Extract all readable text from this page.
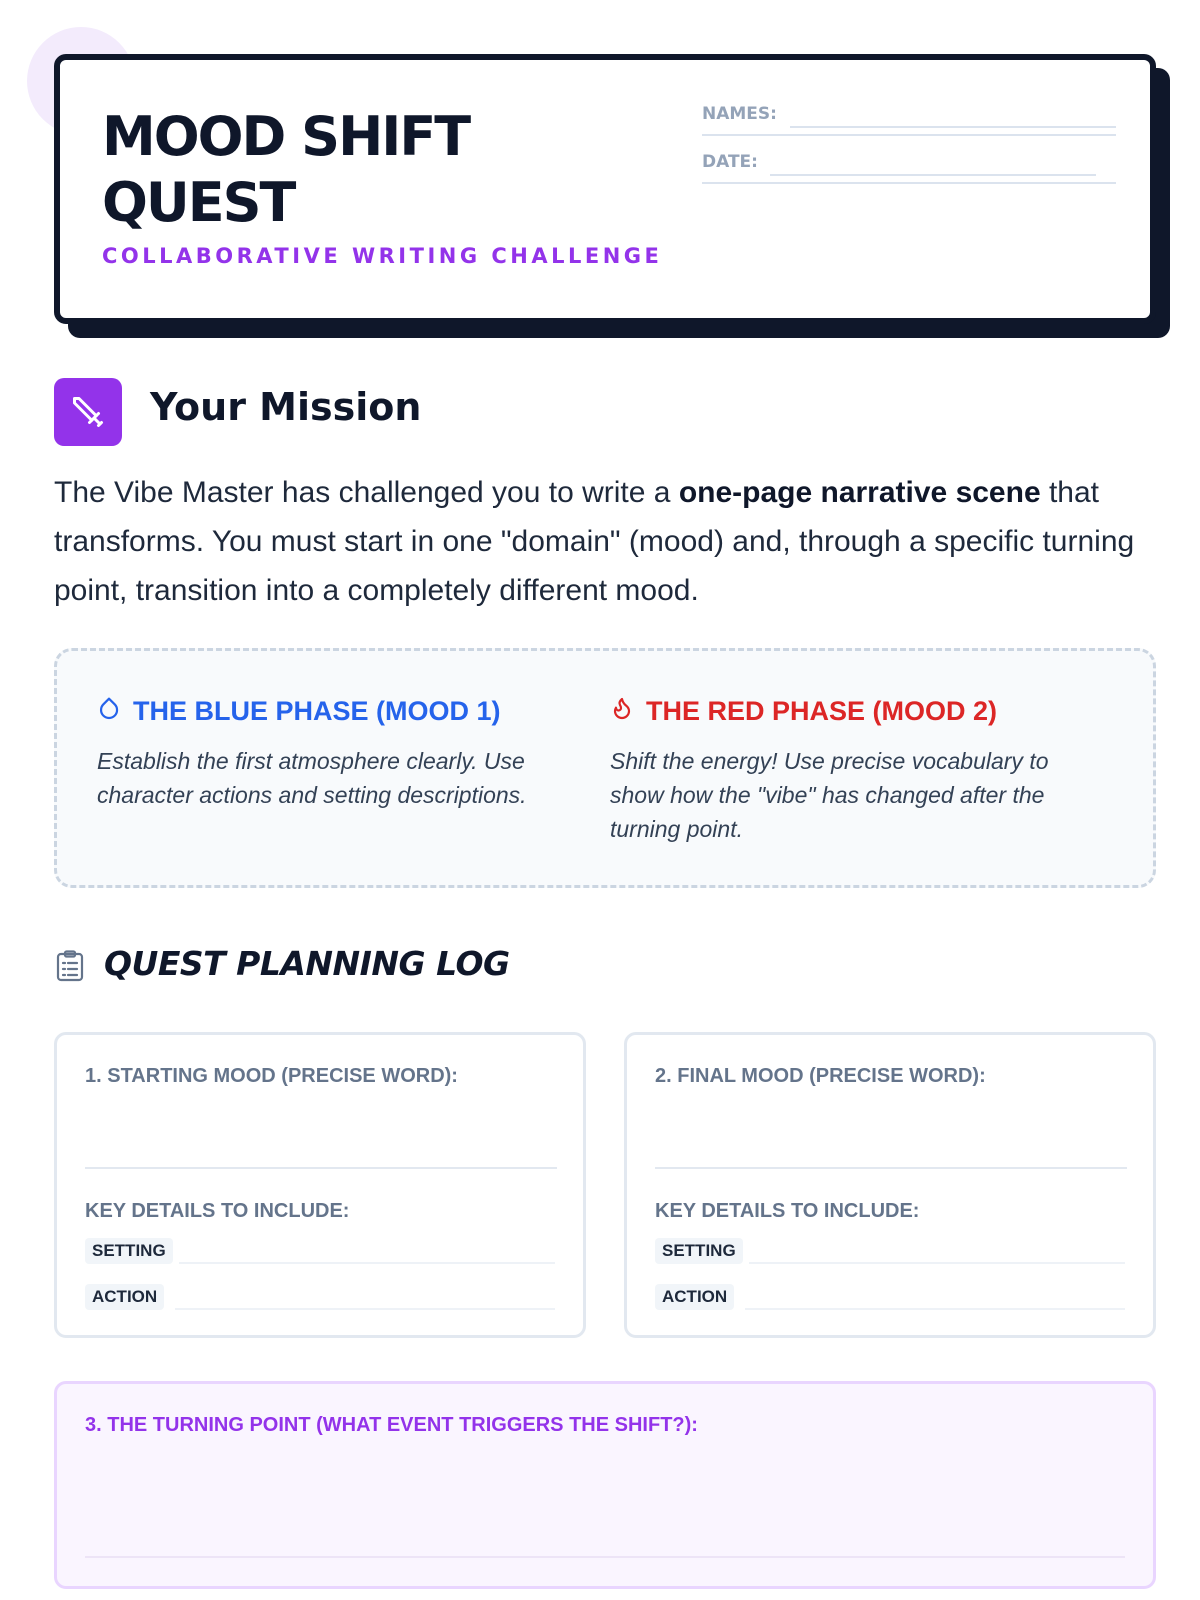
MOOD SHIFT
QUEST
COLLABORATIVE WRITING CHALLENGE
NAMES:
DATE:
Your Mission

The Vibe Master has challenged you to write a one-page narrative scene that transforms. You must start in one "domain" (mood) and, through a specific turning point, transition into a completely different mood.

THE BLUE PHASE (MOOD 1)

Establish the first atmosphere clearly. Use character actions and setting descriptions.

THE RED PHASE (MOOD 2)

Shift the energy! Use precise vocabulary to show how the "vibe" has changed after the turning point.

QUEST PLANNING LOG
1. STARTING MOOD (PRECISE WORD):
KEY DETAILS TO INCLUDE:
SETTING
ACTION
2. FINAL MOOD (PRECISE WORD):
KEY DETAILS TO INCLUDE:
SETTING
ACTION
3. THE TURNING POINT (WHAT EVENT TRIGGERS THE SHIFT?):
